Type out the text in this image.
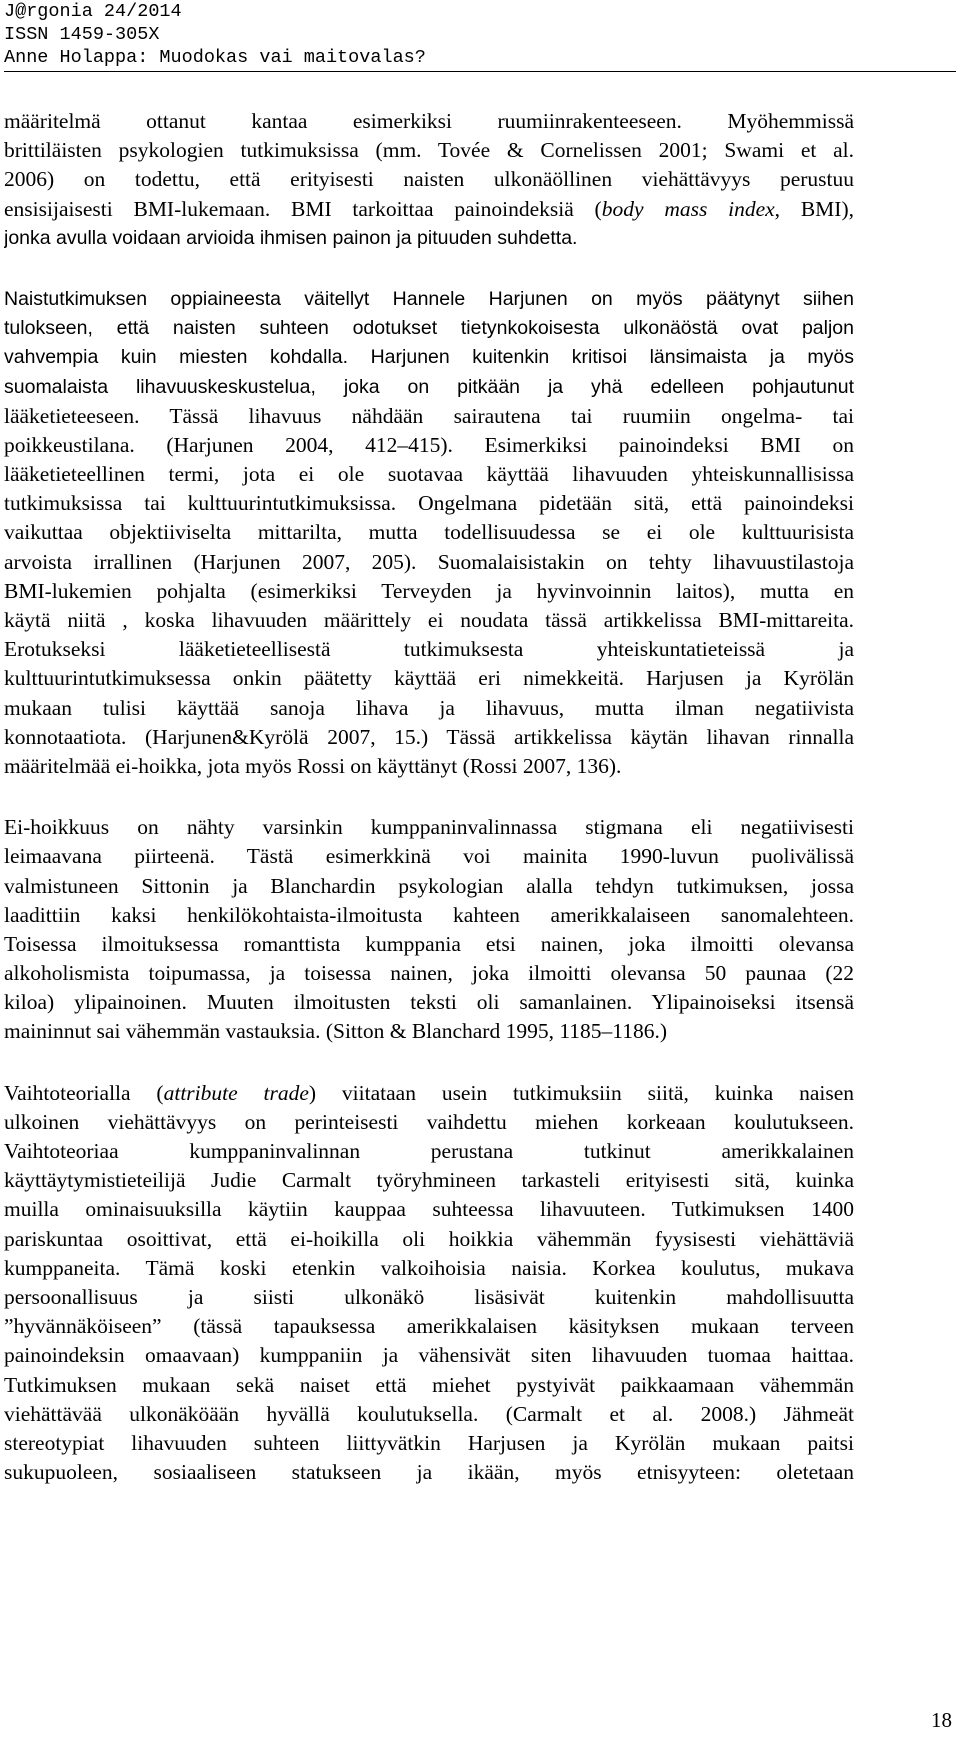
J@rgonia 24/2014
ISSN 1459-305X
Anne Holappa: Muodokas vai maitovalas?

määritelmä ottanut kantaa esimerkiksi ruumiinrakenteeseen. Myöhemmissä
brittiläisten psykologien tutkimuksissa (mm. Tovée & Cornelissen 2001; Swami et al.
2006) on todettu, että erityisesti naisten ulkonäöllinen viehättävyys perustuu
ensisijaisesti BMI-lukemaan. BMI tarkoittaa painoindeksiä (body mass index, BMI),
jonka avulla voidaan arvioida ihmisen painon ja pituuden suhdetta.

Naistutkimuksen oppiaineesta väitellyt Hannele Harjunen on myös päätynyt siihen
tulokseen, että naisten suhteen odotukset tietynkokoisesta ulkonäöstä ovat paljon
vahvempia kuin miesten kohdalla. Harjunen kuitenkin kritisoi länsimaista ja myös
suomalaista lihavuuskeskustelua, joka on pitkään ja yhä edelleen pohjautunut
lääketieteeseen. Tässä lihavuus nähdään sairautena tai ruumiin ongelma- tai
poikkeustilana. (Harjunen 2004, 412–415). Esimerkiksi painoindeksi BMI on
lääketieteellinen termi, jota ei ole suotavaa käyttää lihavuuden yhteiskunnallisissa
tutkimuksissa tai kulttuurintutkimuksissa. Ongelmana pidetään sitä, että painoindeksi
vaikuttaa objektiiviselta mittarilta, mutta todellisuudessa se ei ole kulttuurisista
arvoista irrallinen (Harjunen 2007, 205). Suomalaisistakin on tehty lihavuustilastoja
BMI-lukemien pohjalta (esimerkiksi Terveyden ja hyvinvoinnin laitos), mutta en
käytä niitä , koska lihavuuden määrittely ei noudata tässä artikkelissa BMI-mittareita.
Erotukseksi lääketieteellisestä tutkimuksesta yhteiskuntatieteissä ja
kulttuurintutkimuksessa onkin päätetty käyttää eri nimekkeitä. Harjusen ja Kyrölän
mukaan tulisi käyttää sanoja lihava ja lihavuus, mutta ilman negatiivista
konnotaatiota. (Harjunen&Kyrölä 2007, 15.) Tässä artikkelissa käytän lihavan rinnalla
määritelmää ei-hoikka, jota myös Rossi on käyttänyt (Rossi 2007, 136).

Ei-hoikkuus on nähty varsinkin kumppaninvalinnassa stigmana eli negatiivisesti
leimaavana piirteenä. Tästä esimerkkinä voi mainita 1990-luvun puolivälissä
valmistuneen Sittonin ja Blanchardin psykologian alalla tehdyn tutkimuksen, jossa
laadittiin kaksi henkilökohtaista-ilmoitusta kahteen amerikkalaiseen sanomalehteen.
Toisessa ilmoituksessa romanttista kumppania etsi nainen, joka ilmoitti olevansa
alkoholismista toipumassa, ja toisessa nainen, joka ilmoitti olevansa 50 paunaa (22
kiloa) ylipainoinen. Muuten ilmoitusten teksti oli samanlainen. Ylipainoiseksi itsensä
maininnut sai vähemmän vastauksia. (Sitton & Blanchard 1995, 1185–1186.)

Vaihtoteorialla (attribute trade) viitataan usein tutkimuksiin siitä, kuinka naisen
ulkoinen viehättävyys on perinteisesti vaihdettu miehen korkeaan koulutukseen.
Vaihtoteoriaa kumppaninvalinnan perustana tutkinut amerikkalainen
käyttäytymistieteilijä Judie Carmalt työryhmineen tarkasteli erityisesti sitä, kuinka
muilla ominaisuuksilla käytiin kauppaa suhteessa lihavuuteen. Tutkimuksen 1400
pariskuntaa osoittivat, että ei-hoikilla oli hoikkia vähemmän fyysisesti viehättäviä
kumppaneita. Tämä koski etenkin valkoihoisia naisia. Korkea koulutus, mukava
persoonallisuus ja siisti ulkonäkö lisäsivät kuitenkin mahdollisuutta
”hyvännäköiseen” (tässä tapauksessa amerikkalaisen käsityksen mukaan terveen
painoindeksin omaavaan) kumppaniin ja vähensivät siten lihavuuden tuomaa haittaa.
Tutkimuksen mukaan sekä naiset että miehet pystyivät paikkaamaan vähemmän
viehättävää ulkonäköään hyvällä koulutuksella. (Carmalt et al. 2008.) Jähmeät
stereotypiat lihavuuden suhteen liittyvätkin Harjusen ja Kyrölän mukaan paitsi
sukupuoleen, sosiaaliseen statukseen ja ikään, myös etnisyyteen: oletetaan

18
